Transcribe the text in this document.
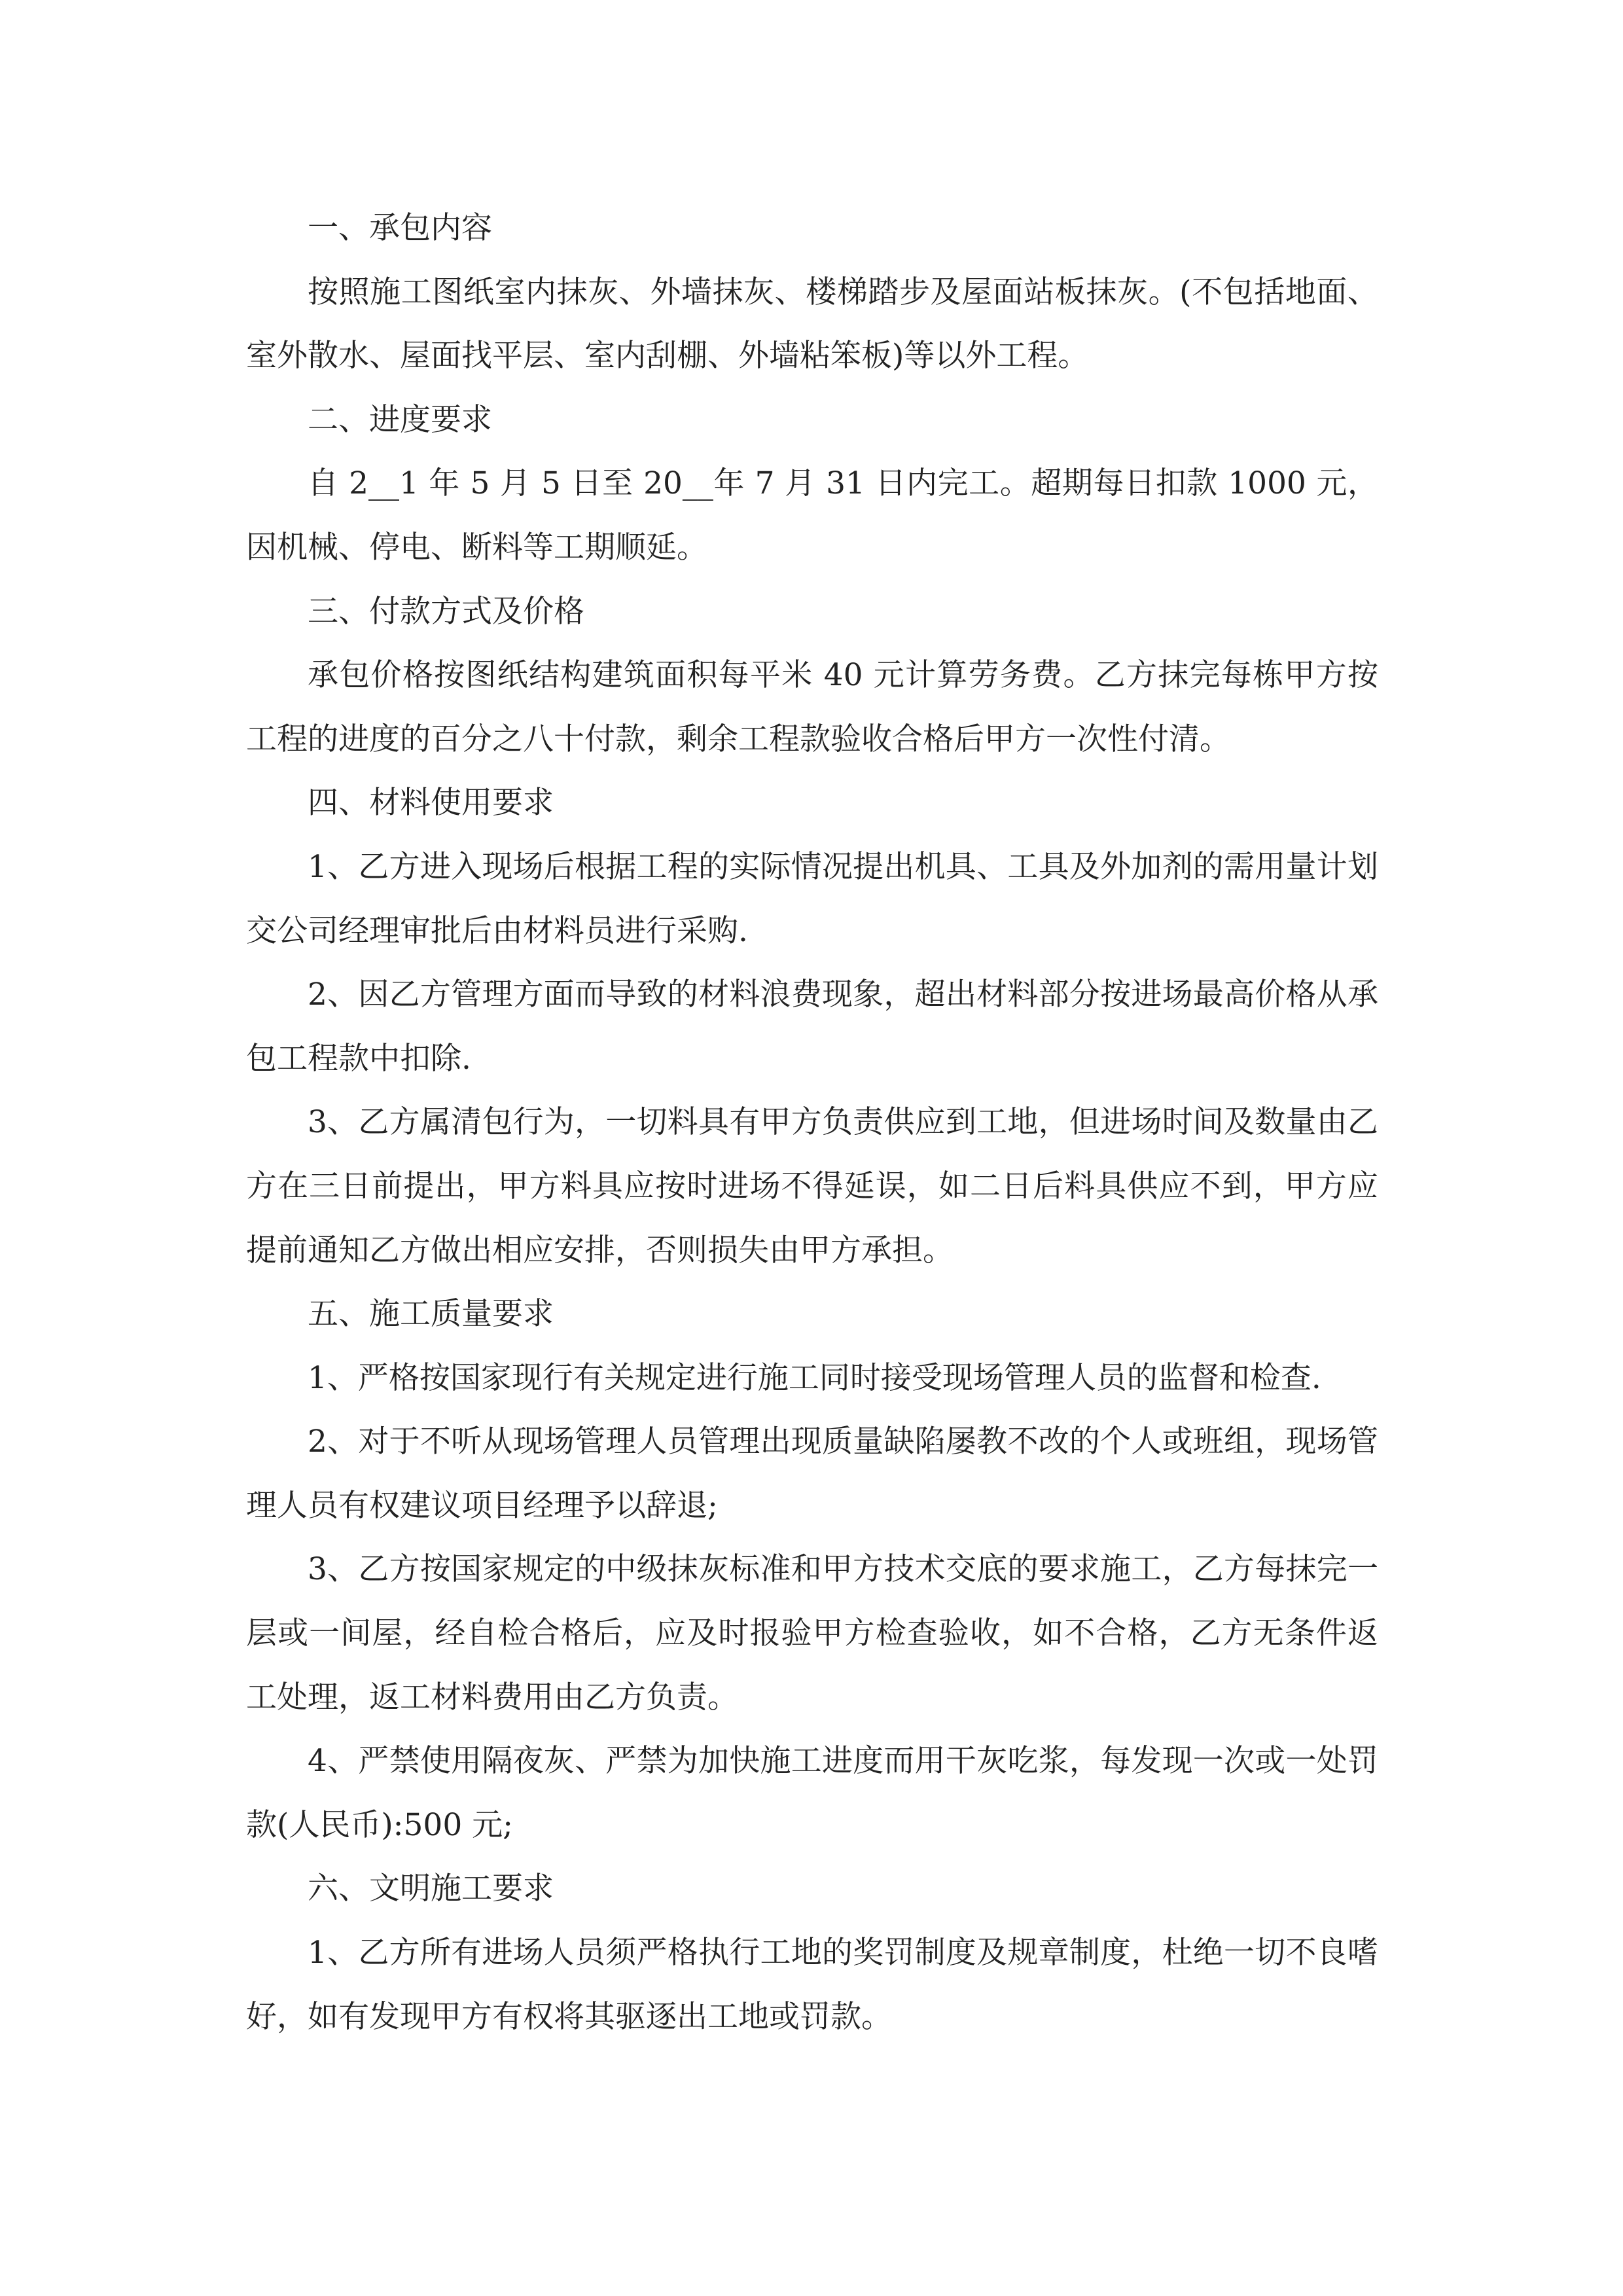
一、承包内容

按照施工图纸室内抹灰、外墙抹灰、楼梯踏步及屋面站板抹灰。(不包括地面、室外散水、屋面找平层、室内刮棚、外墙粘笨板)等以外工程。

二、进度要求

自 2__1 年 5 月 5 日至 20__年 7 月 31 日内完工。超期每日扣款 1000 元，因机械、停电、断料等工期顺延。

三、付款方式及价格

承包价格按图纸结构建筑面积每平米 40 元计算劳务费。乙方抹完每栋甲方按工程的进度的百分之八十付款，剩余工程款验收合格后甲方一次性付清。

四、材料使用要求

1、乙方进入现场后根据工程的实际情况提出机具、工具及外加剂的需用量计划交公司经理审批后由材料员进行采购.

2、因乙方管理方面而导致的材料浪费现象，超出材料部分按进场最高价格从承包工程款中扣除.

3、乙方属清包行为，一切料具有甲方负责供应到工地，但进场时间及数量由乙方在三日前提出，甲方料具应按时进场不得延误，如二日后料具供应不到，甲方应提前通知乙方做出相应安排，否则损失由甲方承担。

五、施工质量要求

1、严格按国家现行有关规定进行施工同时接受现场管理人员的监督和检查.

2、对于不听从现场管理人员管理出现质量缺陷屡教不改的个人或班组，现场管理人员有权建议项目经理予以辞退;

3、乙方按国家规定的中级抹灰标准和甲方技术交底的要求施工，乙方每抹完一层或一间屋，经自检合格后，应及时报验甲方检查验收，如不合格，乙方无条件返工处理，返工材料费用由乙方负责。

4、严禁使用隔夜灰、严禁为加快施工进度而用干灰吃浆，每发现一次或一处罚款(人民币):500 元;

六、文明施工要求

1、乙方所有进场人员须严格执行工地的奖罚制度及规章制度，杜绝一切不良嗜好，如有发现甲方有权将其驱逐出工地或罚款。
